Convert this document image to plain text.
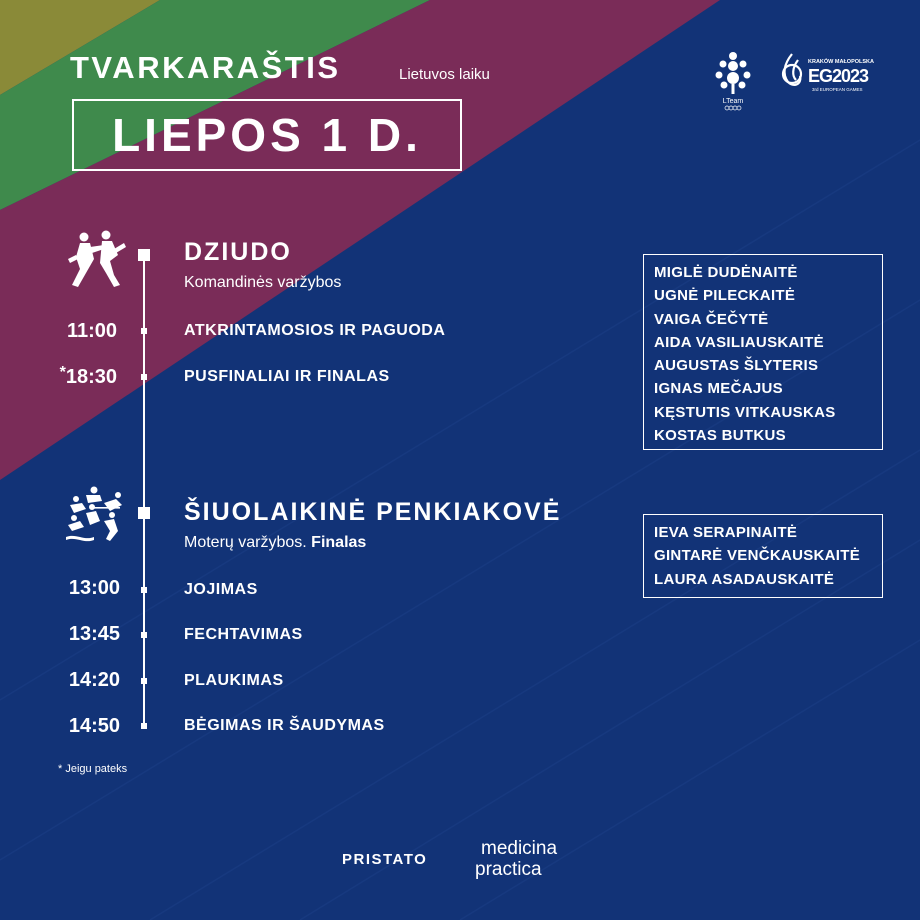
TVARKARAŠTIS	Lietuvos laiku
LIEPOS 1 D.
LTeam
KRAKÓW MAŁOPOLSKA
EG2023
3rd EUROPEAN GAMES
DZIUDO
Komandinės varžybos
11:00	ATKRINTAMOSIOS IR PAGUODA
*18:30	PUSFINALIAI IR FINALAS
MIGLĖ DUDĖNAITĖ
UGNĖ PILECKAITĖ
VAIGA ČEČYTĖ
AIDA VASILIAUSKAITĖ
AUGUSTAS ŠLYTERIS
IGNAS MEČAJUS
KĘSTUTIS VITKAUSKAS
KOSTAS BUTKUS
ŠIUOLAIKINĖ PENKIAKOVĖ
Moterų varžybos. Finalas
13:00	JOJIMAS
13:45	FECHTAVIMAS
14:20	PLAUKIMAS
14:50	BĖGIMAS IR ŠAUDYMAS
IEVA SERAPINAITĖ
GINTARĖ VENČKAUSKAITĖ
LAURA ASADAUSKAITĖ
* Jeigu pateks
PRISTATO
medicina
practica
